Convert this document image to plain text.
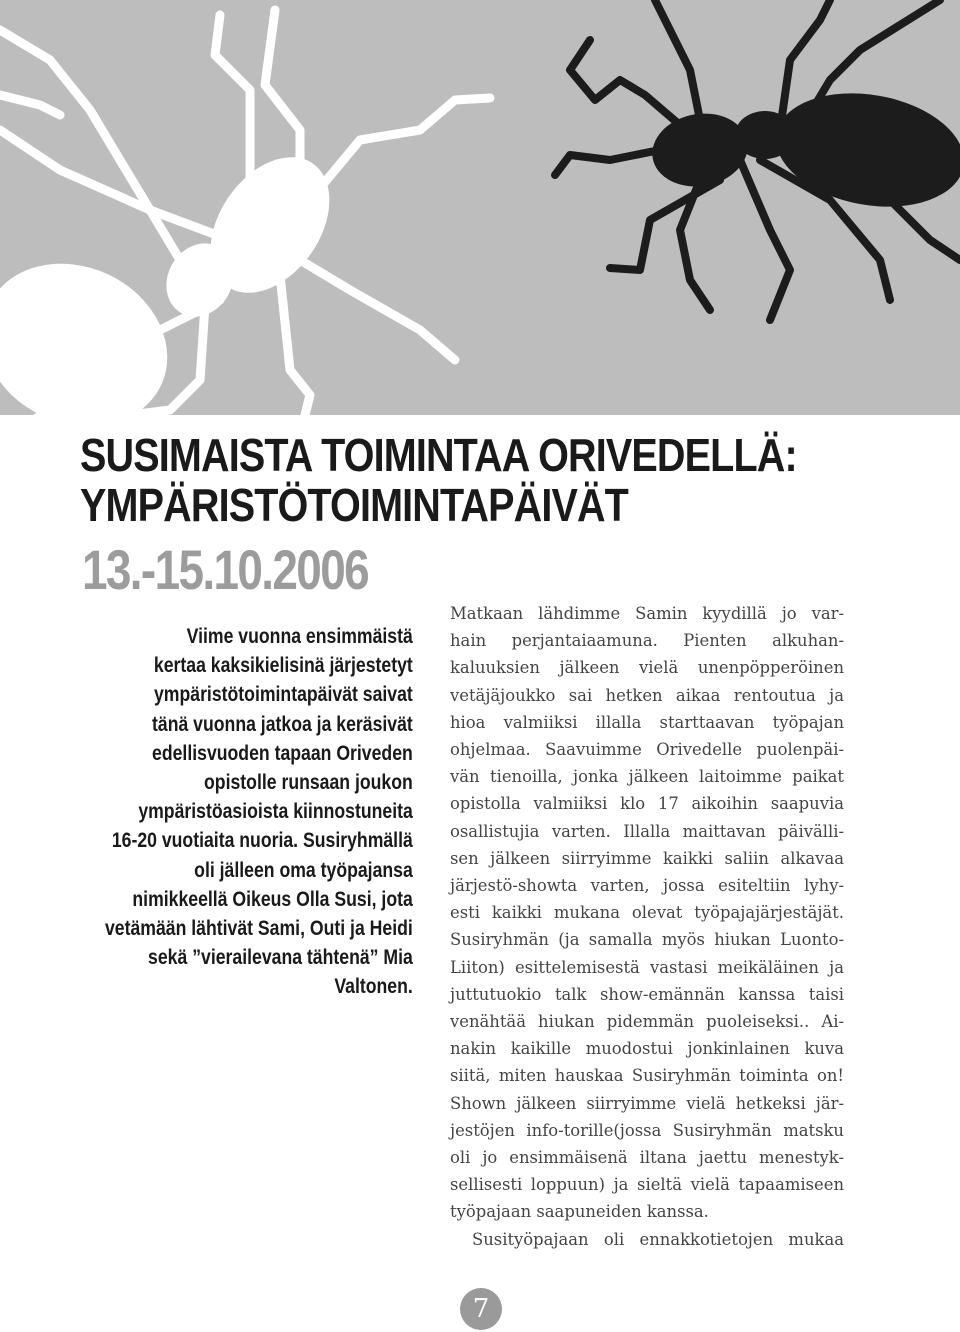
SUSIMAISTA TOIMINTAA ORIVEDELLÄ:
YMPÄRISTÖTOIMINTAPÄIVÄT
13.-15.10.2006
Viime vuonna ensimmäistä
kertaa kaksikielisinä järjestetyt
ympäristötoimintapäivät saivat
tänä vuonna jatkoa ja keräsivät
edellisvuoden tapaan Oriveden
opistolle runsaan joukon
ympäristöasioista kiinnostuneita
16-20 vuotiaita nuoria. Susiryhmällä
oli jälleen oma työpajansa
nimikkeellä Oikeus Olla Susi, jota
vetämään lähtivät Sami, Outi ja Heidi
sekä ”vierailevana tähtenä” Mia
Valtonen.
Matkaan lähdimme Samin kyydillä jo var-
hain perjantaiaamuna. Pienten alkuhan-
kaluuksien jälkeen vielä unenpöpperöinen
vetäjäjoukko sai hetken aikaa rentoutua ja
hioa valmiiksi illalla starttaavan työpajan
ohjelmaa. Saavuimme Orivedelle puolenpäi-
vän tienoilla, jonka jälkeen laitoimme paikat
opistolla valmiiksi klo 17 aikoihin saapuvia
osallistujia varten. Illalla maittavan päivälli-
sen jälkeen siirryimme kaikki saliin alkavaa
järjestö-showta varten, jossa esiteltiin lyhy-
esti kaikki mukana olevat työpajajärjestäjät.
Susiryhmän (ja samalla myös hiukan Luonto-
Liiton) esittelemisestä vastasi meikäläinen ja
juttutuokio talk show-emännän kanssa taisi
venähtää hiukan pidemmän puoleiseksi.. Ai-
nakin kaikille muodostui jonkinlainen kuva
siitä, miten hauskaa Susiryhmän toiminta on!
Shown jälkeen siirryimme vielä hetkeksi jär-
jestöjen info-torille(jossa Susiryhmän matsku
oli jo ensimmäisenä iltana jaettu menestyk-
sellisesti loppuun) ja sieltä vielä tapaamiseen
työpajaan saapuneiden kanssa.
Susityöpajaan oli ennakkotietojen mukaa
7
